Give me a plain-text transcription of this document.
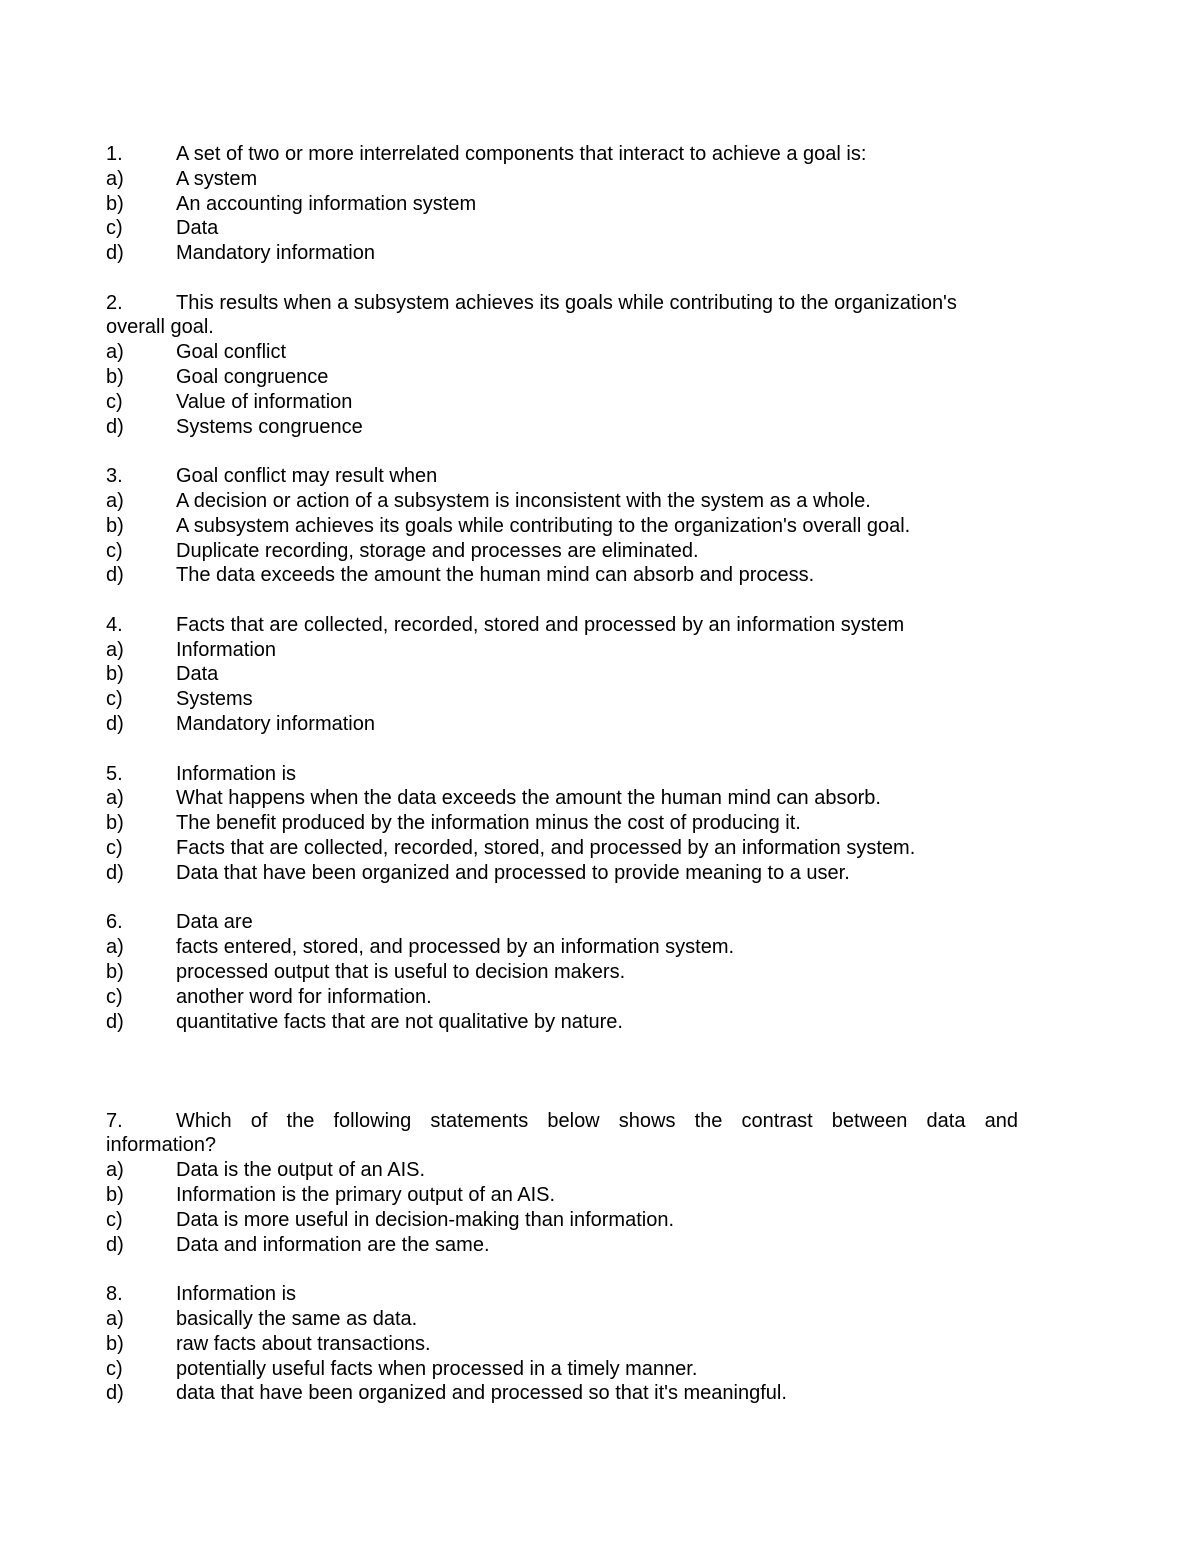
1.	A set of two or more interrelated components that interact to achieve a goal is:
a)	A system
b)	An accounting information system
c)	Data
d)	Mandatory information
2.	This results when a subsystem achieves its goals while contributing to the organization's
overall goal.
a)	Goal conflict
b)	Goal congruence
c)	Value of information
d)	Systems congruence
3.	Goal conflict may result when
a)	A decision or action of a subsystem is inconsistent with the system as a whole.
b)	A subsystem achieves its goals while contributing to the organization's overall goal.
c)	Duplicate recording, storage and processes are eliminated.
d)	The data exceeds the amount the human mind can absorb and process.
4.	Facts that are collected, recorded, stored and processed by an information system
a)	Information
b)	Data
c)	Systems
d)	Mandatory information
5.	Information is
a)	What happens when the data exceeds the amount the human mind can absorb.
b)	The benefit produced by the information minus the cost of producing it.
c)	Facts that are collected, recorded, stored, and processed by an information system.
d)	Data that have been organized and processed to provide meaning to a user.
6.	Data are
a)	facts entered, stored, and processed by an information system.
b)	processed output that is useful to decision makers.
c)	another word for information.
d)	quantitative facts that are not qualitative by nature.
7.	Which of the following statements below shows the contrast between data and
information?
a)	Data is the output of an AIS.
b)	Information is the primary output of an AIS.
c)	Data is more useful in decision-making than information.
d)	Data and information are the same.
8.	Information is
a)	basically the same as data.
b)	raw facts about transactions.
c)	potentially useful facts when processed in a timely manner.
d)	data that have been organized and processed so that it's meaningful.
